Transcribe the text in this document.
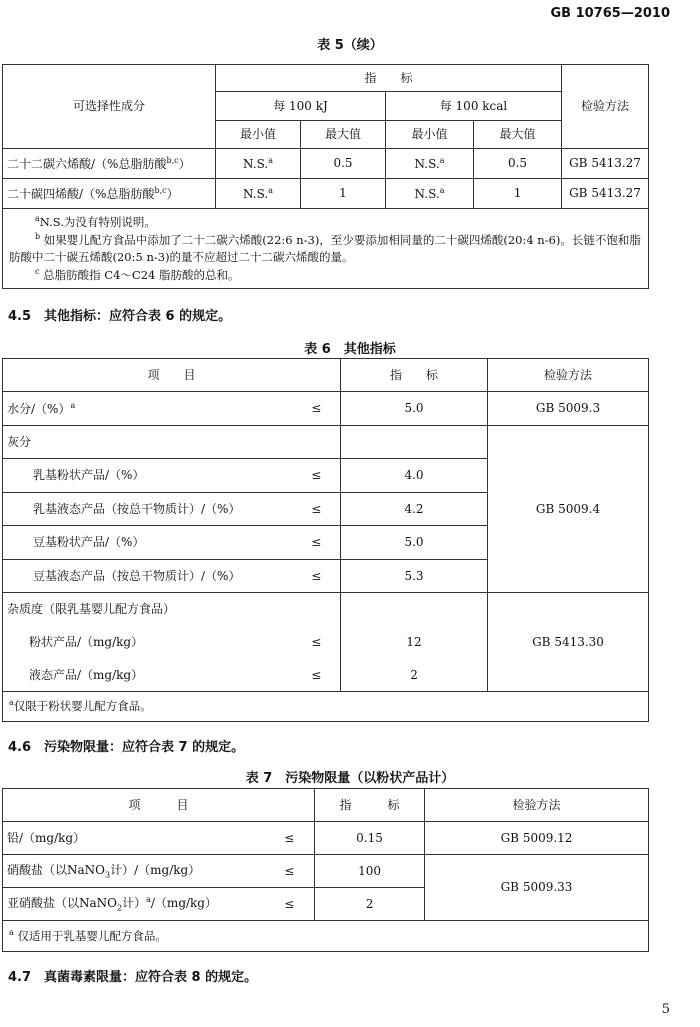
GB 10765—2010
表 5（续）
可选择性成分	指　　标				检验方法
	每 100 kJ		每 100 kcal		
	最小值	最大值	最小值	最大值	
二十二碳六烯酸/（%总脂肪酸$^{b,c}$）	N.S.$^a$	0.5	N.S.$^a$	0.5	GB 5413.27
二十碳四烯酸/（%总脂肪酸$^{b,c}$）	N.S.$^a$	1	N.S.$^a$	1	GB 5413.27

$^a$N.S.为没有特别说明。
$^b$ 如果婴儿配方食品中添加了二十二碳六烯酸(22:6 n-3)，至少要添加相同量的二十碳四烯酸(20:4 n-6)。长链不饱和脂肪酸中二十碳五烯酸(20:5 n-3)的量不应超过二十二碳六烯酸的量。
$^c$ 总脂肪酸指 C4～C24 脂肪酸的总和。					
4.5　其他指标：应符合表 6 的规定。
表 6　其他指标
项　　目		指　　标	检验方法
水分/（%）$^a$	≤	5.0	GB 5009.3
灰分			GB 5009.4
乳基粉状产品/（%）	≤	4.0	
乳基液态产品（按总干物质计）/（%）	≤	4.2	
豆基粉状产品/（%）	≤	5.0	
豆基液态产品（按总干物质计）/（%）	≤	5.3	
杂质度（限乳基婴儿配方食品）			GB 5413.30
粉状产品/（mg/kg）	≤	12	
液态产品/（mg/kg）	≤	2	
$^a$仅限于粉状婴儿配方食品。			
4.6　污染物限量：应符合表 7 的规定。
表 7　污染物限量（以粉状产品计）
项　　　目		指　　　标	检验方法
铅/（mg/kg）	≤	0.15	GB 5009.12
硝酸盐（以NaNO$_3$计）/（mg/kg）	≤	100	GB 5009.33
亚硝酸盐（以NaNO$_2$计）$^a$/（mg/kg）	≤	2	
$^a$ 仅适用于乳基婴儿配方食品。			
4.7　真菌毒素限量：应符合表 8 的规定。
5
